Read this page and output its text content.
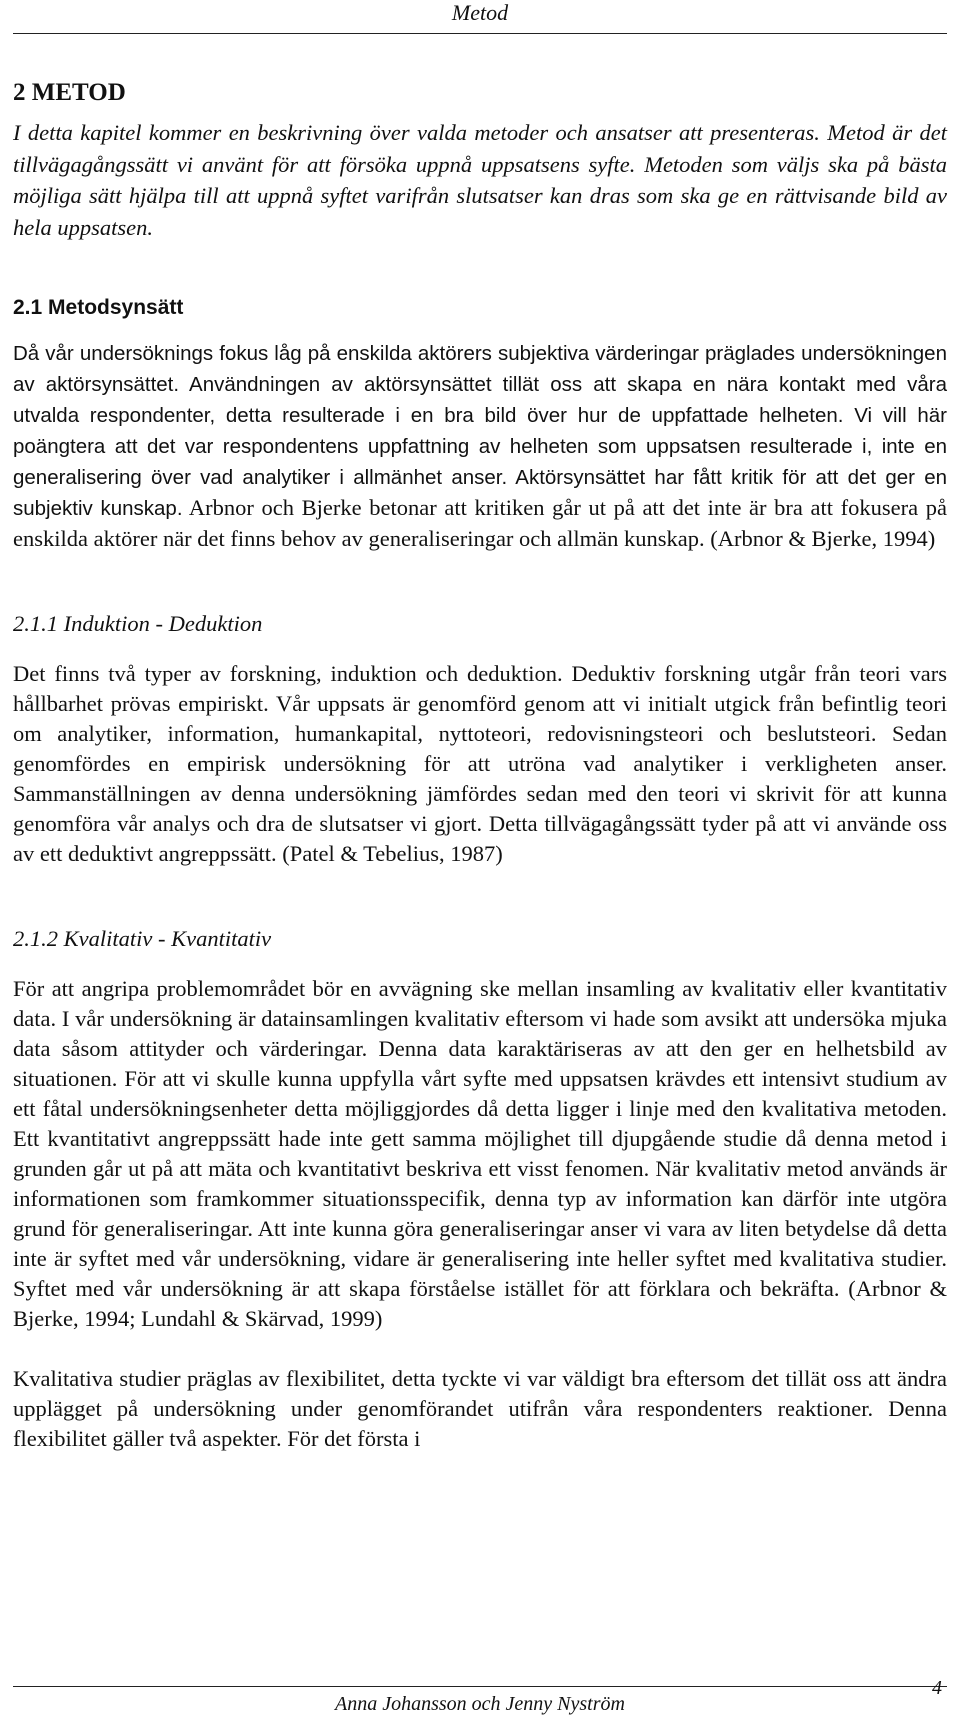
Metod
2 METOD

I detta kapitel kommer en beskrivning över valda metoder och ansatser att presenteras. Metod är det tillvägagångssätt vi använt för att försöka uppnå uppsatsens syfte. Metoden som väljs ska på bästa möjliga sätt hjälpa till att uppnå syftet varifrån slutsatser kan dras som ska ge en rättvisande bild av hela uppsatsen.

2.1 Metodsynsätt

Då vår undersöknings fokus låg på enskilda aktörers subjektiva värderingar präglades undersökningen av aktörsynsättet. Användningen av aktörsynsättet tillät oss att skapa en nära kontakt med våra utvalda respondenter, detta resulterade i en bra bild över hur de uppfattade helheten. Vi vill här poängtera att det var respondentens uppfattning av helheten som uppsatsen resulterade i, inte en generalisering över vad analytiker i allmänhet anser. Aktörsynsättet har fått kritik för att det ger en subjektiv kunskap. Arbnor och Bjerke betonar att kritiken går ut på att det inte är bra att fokusera på enskilda aktörer när det finns behov av generaliseringar och allmän kunskap. (Arbnor & Bjerke, 1994)

2.1.1 Induktion - Deduktion

Det finns två typer av forskning, induktion och deduktion. Deduktiv forskning utgår från teori vars hållbarhet prövas empiriskt. Vår uppsats är genomförd genom att vi initialt utgick från befintlig teori om analytiker, information, humankapital, nyttoteori, redovisningsteori och beslutsteori. Sedan genomfördes en empirisk undersökning för att utröna vad analytiker i verkligheten anser. Sammanställningen av denna undersökning jämfördes sedan med den teori vi skrivit för att kunna genomföra vår analys och dra de slutsatser vi gjort. Detta tillvägagångssätt tyder på att vi använde oss av ett deduktivt angreppssätt. (Patel & Tebelius, 1987)

2.1.2 Kvalitativ - Kvantitativ

För att angripa problemområdet bör en avvägning ske mellan insamling av kvalitativ eller kvantitativ data. I vår undersökning är datainsamlingen kvalitativ eftersom vi hade som avsikt att undersöka mjuka data såsom attityder och värderingar. Denna data karaktäriseras av att den ger en helhetsbild av situationen. För att vi skulle kunna uppfylla vårt syfte med uppsatsen krävdes ett intensivt studium av ett fåtal undersökningsenheter detta möjliggjordes då detta ligger i linje med den kvalitativa metoden. Ett kvantitativt angreppssätt hade inte gett samma möjlighet till djupgående studie då denna metod i grunden går ut på att mäta och kvantitativt beskriva ett visst fenomen. När kvalitativ metod används är informationen som framkommer situationsspecifik, denna typ av information kan därför inte utgöra grund för generaliseringar. Att inte kunna göra generaliseringar anser vi vara av liten betydelse då detta inte är syftet med vår undersökning, vidare är generalisering inte heller syftet med kvalitativa studier. Syftet med vår undersökning är att skapa förståelse istället för att förklara och bekräfta. (Arbnor & Bjerke, 1994; Lundahl & Skärvad, 1999)

Kvalitativa studier präglas av flexibilitet, detta tyckte vi var väldigt bra eftersom det tillät oss att ändra upplägget på undersökning under genomförandet utifrån våra respondenters reaktioner. Denna flexibilitet gäller två aspekter. För det första i

Anna Johansson och Jenny Nyström
4
